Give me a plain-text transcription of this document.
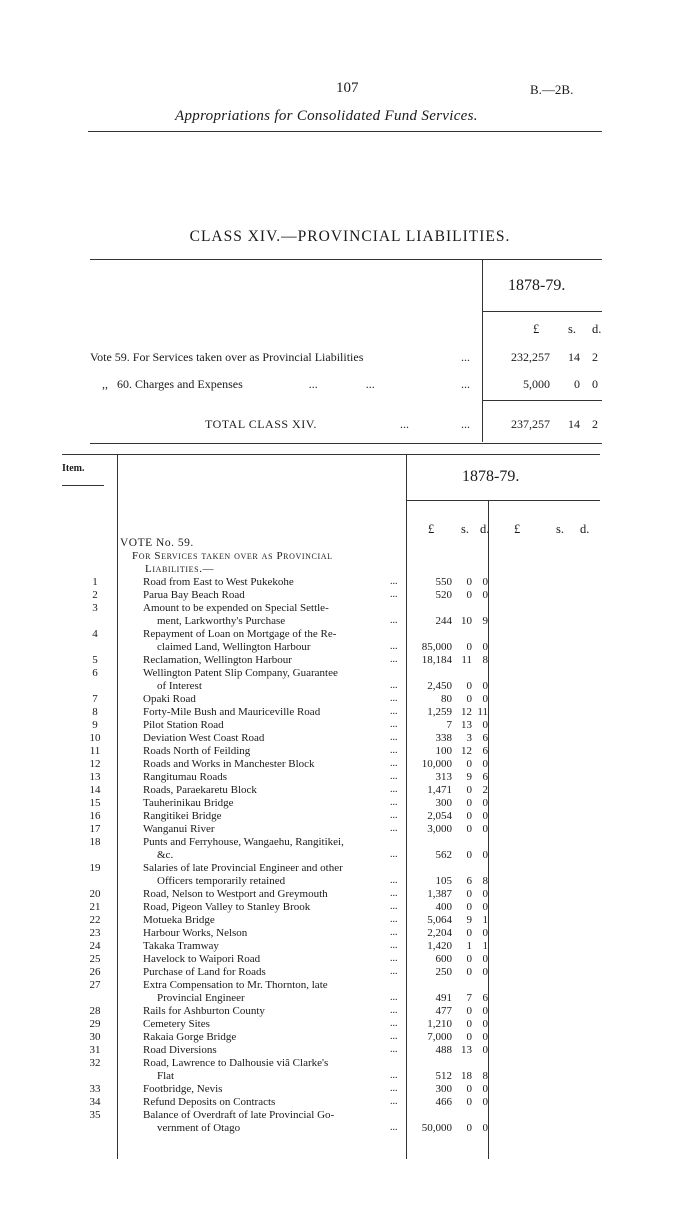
107	B.—2B.
Appropriations for Consolidated Fund Services.
CLASS XIV.—PROVINCIAL LIABILITIES.
1878-79.
£ s. d.
Vote 59. For Services taken over as Provincial Liabilities	...	232,257	14	2
,,   60. Charges and Expenses                      ...                ...	...	5,000	0	0
TOTAL CLASS XIV.	...	...	237,257	14	2
Item.	1878-79.
£ s. d. £	s. d.
VOTE No. 59.
For Services taken over as Provincial
Liabilities.—
1	Road from East to West Pukekohe	...	550	0 0
2	Parua Bay Beach Road	...	520	0 0
3	Amount to be expended on Special Settle-
ment, Larkworthy's Purchase	...	244 10 9
4	Repayment of Loan on Mortgage of the Re-
claimed Land, Wellington Harbour	...	85,000	0 0
5	Reclamation, Wellington Harbour	...	18,184 11 8
6	Wellington Patent Slip Company, Guarantee
of Interest	...	2,450	0 0
7	Opaki Road	...	80	0 0
8	Forty-Mile Bush and Mauriceville Road	...	1,259 12 11
9	Pilot Station Road	...	7 13 0
10	Deviation West Coast Road	...	338	3 6
11	Roads North of Feilding	...	100 12 6
12	Roads and Works in Manchester Block	...	10,000	0 0
13	Rangitumau Roads	...	313	9 6
14	Roads, Paraekaretu Block	...	1,471	0 2
15	Tauherinikau Bridge	...	300	0 0
16	Rangitikei Bridge	...	2,054	0 0
17	Wanganui River	...	3,000	0 0
18	Punts and Ferryhouse, Wangaehu, Rangitikei,
&c.	...	562	0 0
19	Salaries of late Provincial Engineer and other
Officers temporarily retained	...	105	6 8
20	Road, Nelson to Westport and Greymouth	...	1,387	0 0
21	Road, Pigeon Valley to Stanley Brook	...	400	0 0
22	Motueka Bridge	...	5,064	9 1
23	Harbour Works, Nelson	...	2,204	0 0
24	Takaka Tramway	...	1,420	1 1
25	Havelock to Waipori Road	...	600	0 0
26	Purchase of Land for Roads	...	250	0 0
27	Extra Compensation to Mr. Thornton, late
Provincial Engineer	...	491	7 6
28	Rails for Ashburton County	...	477	0 0
29	Cemetery Sites	...	1,210	0 0
30	Rakaia Gorge Bridge	...	7,000	0 0
31	Road Diversions	...	488 13 0
32	Road, Lawrence to Dalhousie viâ Clarke's
Flat	...	512 18 8
33	Footbridge, Nevis	...	300	0 0
34	Refund Deposits on Contracts	...	466	0 0
35	Balance of Overdraft of late Provincial Go-
vernment of Otago	...	50,000	0 0
